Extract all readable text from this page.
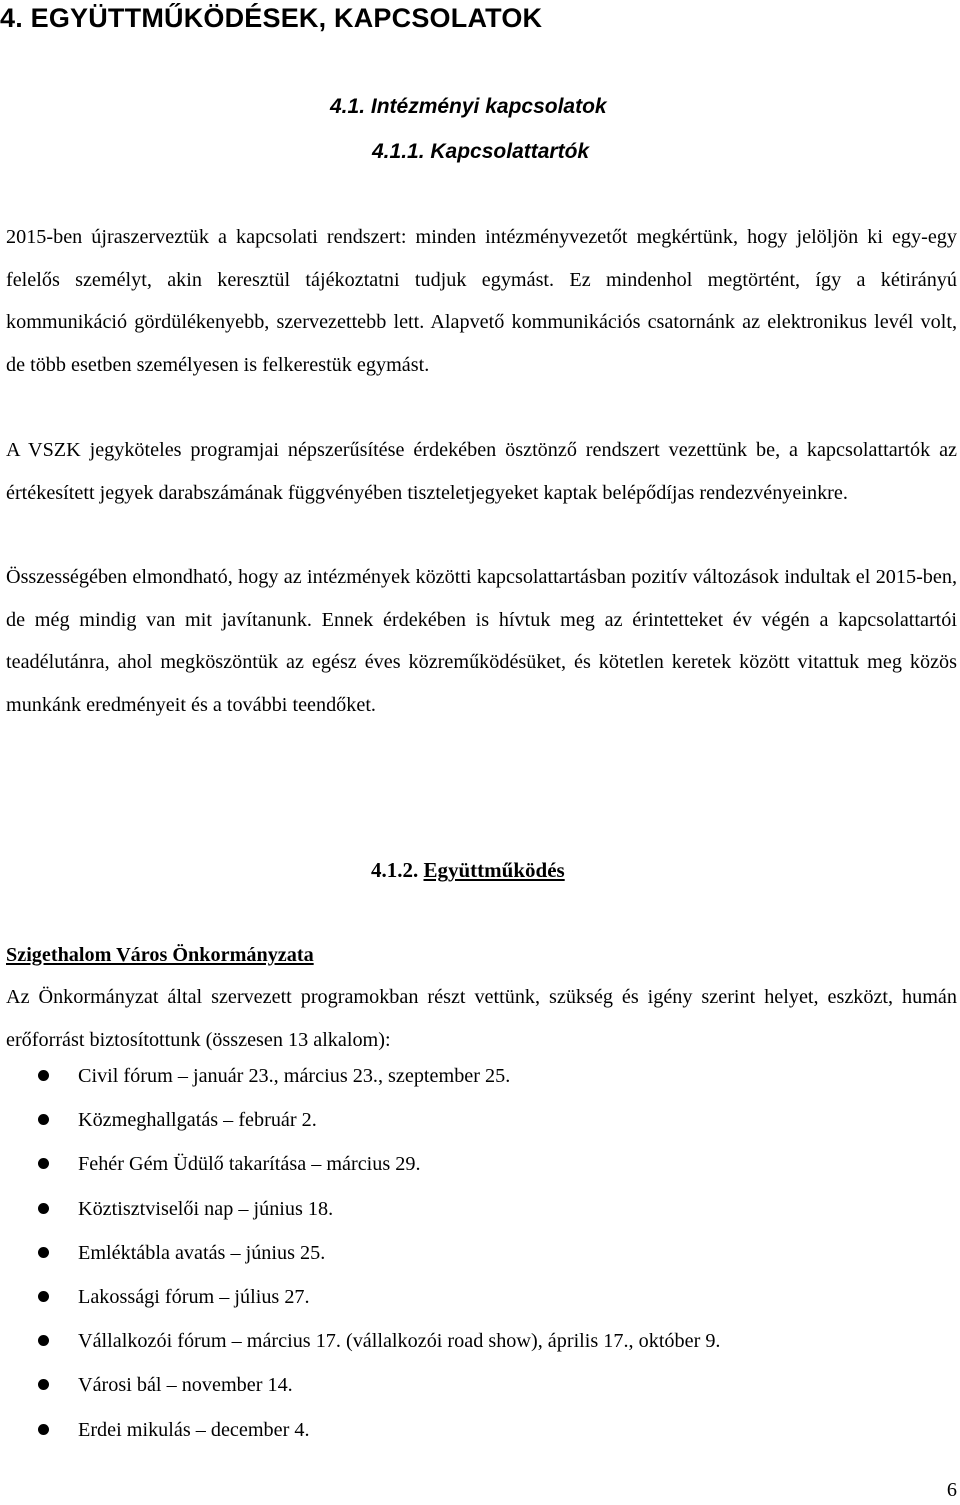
4. EGYÜTTMŰKÖDÉSEK, KAPCSOLATOK
4.1. Intézményi kapcsolatok
4.1.1. Kapcsolattartók

2015-ben újraszerveztük a kapcsolati rendszert: minden intézményvezetőt megkértünk, hogy jelöljön ki egy-egy felelős személyt, akin keresztül tájékoztatni tudjuk egymást. Ez mindenhol megtörtént, így a kétirányú kommunikáció gördülékenyebb, szervezettebb lett. Alapvető kommunikációs csatornánk az elektronikus levél volt, de több esetben személyesen is felkerestük egymást.

A VSZK jegyköteles programjai népszerűsítése érdekében ösztönző rendszert vezettünk be, a kapcsolattartók az értékesített jegyek darabszámának függvényében tiszteletjegyeket kaptak belépődíjas rendezvényeinkre.

Összességében elmondható, hogy az intézmények közötti kapcsolattartásban pozitív változások indultak el 2015-ben, de még mindig van mit javítanunk. Ennek érdekében is hívtuk meg az érintetteket év végén a kapcsolattartói teadélutánra, ahol megköszöntük az egész éves közreműködésüket, és kötetlen keretek között vitattuk meg közös munkánk eredményeit és a további teendőket.

4.1.2. Együttműködés

Szigethalom Város Önkormányzata

Az Önkormányzat által szervezett programokban részt vettünk, szükség és igény szerint helyet, eszközt, humán erőforrást biztosítottunk (összesen 13 alkalom):

Civil fórum – január 23., március 23., szeptember 25.
Közmeghallgatás – február 2.
Fehér Gém Üdülő takarítása – március 29.
Köztisztviselői nap – június 18.
Emléktábla avatás – június 25.
Lakossági fórum – július 27.
Vállalkozói fórum – március 17. (vállalkozói road show), április 17., október 9.
Városi bál – november 14.
Erdei mikulás – december 4.
6
